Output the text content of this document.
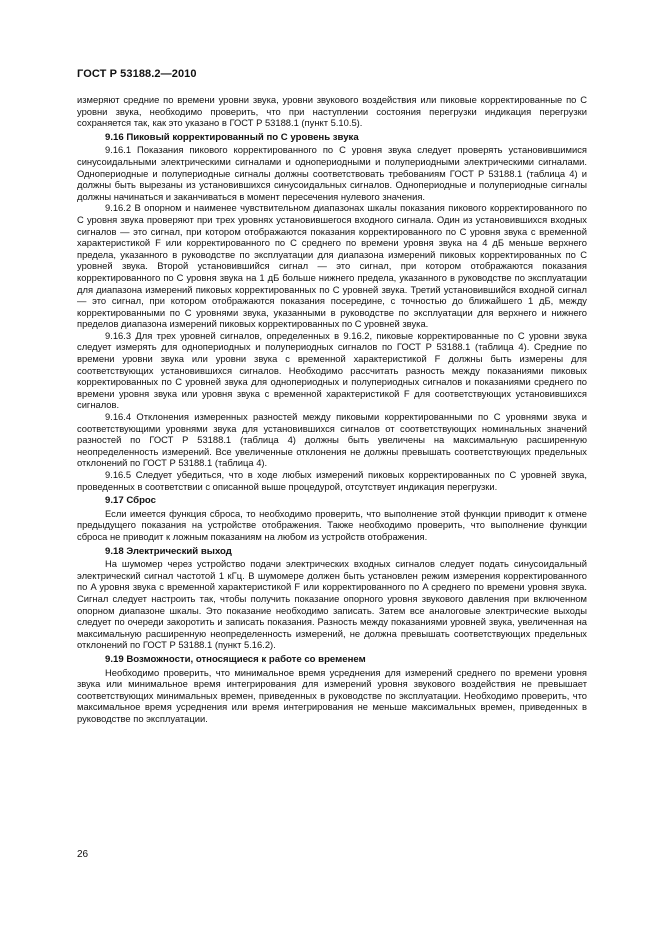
ГОСТ Р 53188.2—2010

измеряют средние по времени уровни звука, уровни звукового воздействия или пиковые корректированные по C уровни звука, необходимо проверить, что при наступлении состояния перегрузки индикация перегрузки сохраняется так, как это указано в ГОСТ Р 53188.1 (пункт 5.10.5).

9.16 Пиковый корректированный по C уровень звука

9.16.1 Показания пикового корректированного по C уровня звука следует проверять установившимися синусоидальными электрическими сигналами и однопериодными и полупериодными электрическими сигналами. Однопериодные и полупериодные сигналы должны соответствовать требованиям ГОСТ Р 53188.1 (таблица 4) и должны быть вырезаны из установившихся синусоидальных сигналов. Однопериодные и полупериодные сигналы должны начинаться и заканчиваться в момент пересечения нулевого значения.

9.16.2 В опорном и наименее чувствительном диапазонах шкалы показания пикового корректированного по C уровня звука проверяют при трех уровнях установившегося входного сигнала. Один из установившихся входных сигналов — это сигнал, при котором отображаются показания корректированного по C уровня звука с временной характеристикой F или корректированного по C среднего по времени уровня звука на 4 дБ меньше верхнего предела, указанного в руководстве по эксплуатации для диапазона измерений пиковых корректированных по C уровней звука. Второй установившийся сигнал — это сигнал, при котором отображаются показания корректированного по C уровня звука на 1 дБ больше нижнего предела, указанного в руководстве по эксплуатации для диапазона измерений пиковых корректированных по C уровней звука. Третий установившийся входной сигнал — это сигнал, при котором отображаются показания посередине, с точностью до ближайшего 1 дБ, между корректированными по C уровнями звука, указанными в руководстве по эксплуатации для верхнего и нижнего пределов диапазона измерений пиковых корректированных по C уровней звука.

9.16.3 Для трех уровней сигналов, определенных в 9.16.2, пиковые корректированные по C уровни звука следует измерять для однопериодных и полупериодных сигналов по ГОСТ Р 53188.1 (таблица 4). Средние по времени уровни звука или уровни звука с временной характеристикой F должны быть измерены для соответствующих установившихся сигналов. Необходимо рассчитать разность между показаниями пиковых корректированных по C уровней звука для однопериодных и полупериодных сигналов и показаниями среднего по времени уровня звука или уровня звука с временной характеристикой F для соответствующих установившихся сигналов.

9.16.4 Отклонения измеренных разностей между пиковыми корректированными по C уровнями звука и соответствующими уровнями звука для установившихся сигналов от соответствующих номинальных значений разностей по ГОСТ Р 53188.1 (таблица 4) должны быть увеличены на максимальную расширенную неопределенность измерений. Все увеличенные отклонения не должны превышать соответствующих предельных отклонений по ГОСТ Р 53188.1 (таблица 4).

9.16.5 Следует убедиться, что в ходе любых измерений пиковых корректированных по C уровней звука, проведенных в соответствии с описанной выше процедурой, отсутствует индикация перегрузки.

9.17 Сброс

Если имеется функция сброса, то необходимо проверить, что выполнение этой функции приводит к отмене предыдущего показания на устройстве отображения. Также необходимо проверить, что выполнение функции сброса не приводит к ложным показаниям на любом из устройств отображения.

9.18 Электрический выход

На шумомер через устройство подачи электрических входных сигналов следует подать синусоидальный электрический сигнал частотой 1 кГц. В шумомере должен быть установлен режим измерения корректированного по A уровня звука с временной характеристикой F или корректированного по A среднего по времени уровня звука. Сигнал следует настроить так, чтобы получить показание опорного уровня звукового давления при включенном опорном диапазоне шкалы. Это показание необходимо записать. Затем все аналоговые электрические выходы следует по очереди закоротить и записать показания. Разность между показаниями уровней звука, увеличенная на максимальную расширенную неопределенность измерений, не должна превышать соответствующих предельных отклонений по ГОСТ Р 53188.1 (пункт 5.16.2).

9.19 Возможности, относящиеся к работе со временем

Необходимо проверить, что минимальное время усреднения для измерений среднего по времени уровня звука или минимальное время интегрирования для измерений уровня звукового воздействия не превышает соответствующих минимальных времен, приведенных в руководстве по эксплуатации. Необходимо проверить, что максимальное время усреднения или время интегрирования не меньше максимальных времен, приведенных в руководстве по эксплуатации.

26
